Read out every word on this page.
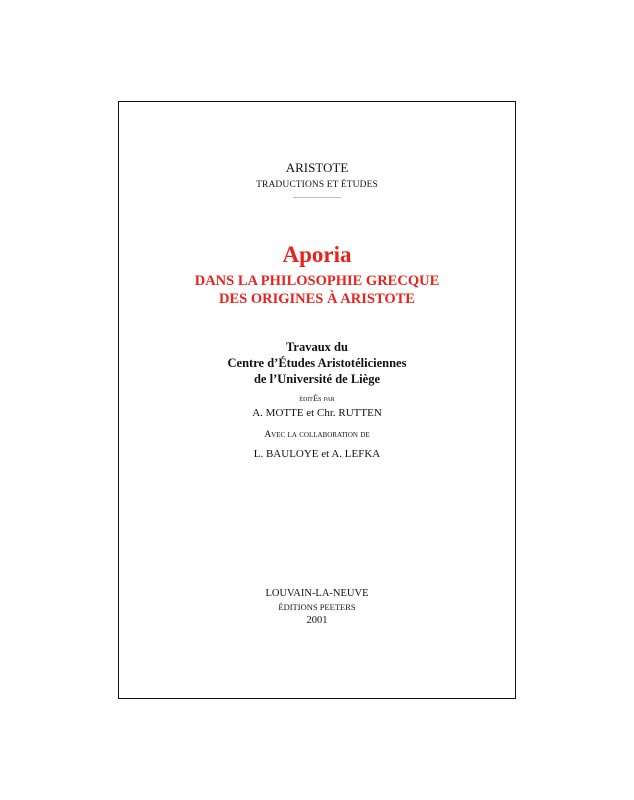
ARISTOTE
TRADUCTIONS ET ÉTUDES
Aporia
DANS LA PHILOSOPHIE GRECQUE
DES ORIGINES À ARISTOTE
Travaux du
Centre d’Études Aristotéliciennes
de l’Université de Liège
éditÉs par
A. MOTTE et Chr. RUTTEN
Avec la collaboration de
L. BAULOYE et A. LEFKA
LOUVAIN-LA-NEUVE
ÉDITIONS PEETERS
2001
